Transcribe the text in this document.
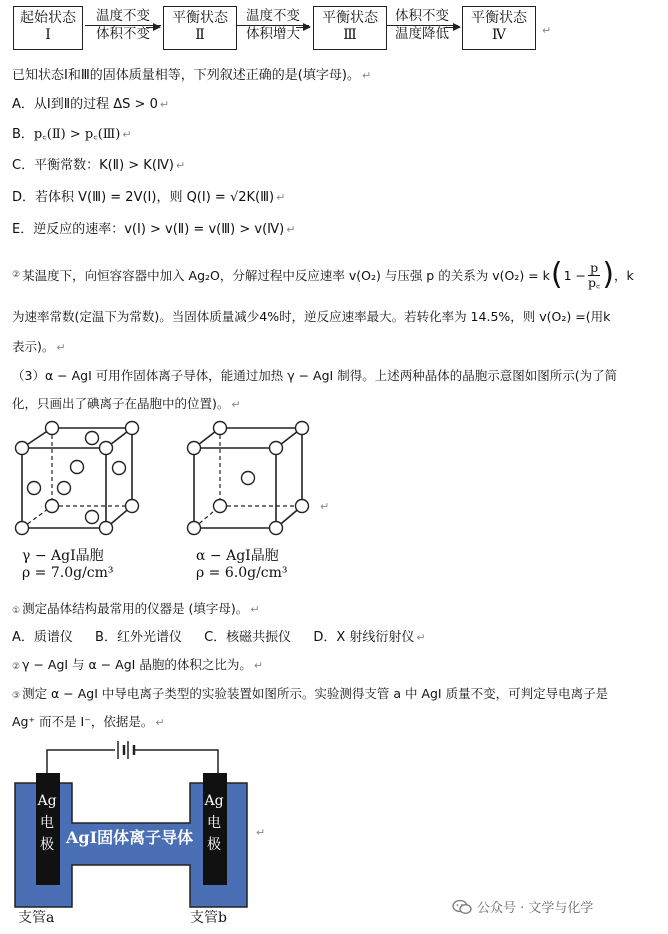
起始状态
Ⅰ
温度不变
体积不变
平衡状态
Ⅱ
温度不变
体积增大
平衡状态
Ⅲ
体积不变
温度降低
平衡状态
Ⅳ	↵
已知状态Ⅰ和Ⅲ的固体质量相等，下列叙述正确的是(填字母)。 ↵
A．从Ⅰ到Ⅱ的过程 ΔS > 0 ↵
B．p꜀(Ⅱ) > p꜀(Ⅲ) ↵
C．平衡常数：K(Ⅱ) > K(Ⅳ) ↵
D．若体积 V(Ⅲ) = 2V(Ⅰ)，则 Q(Ⅰ) = √2K(Ⅲ) ↵
E．逆反应的速率：v(Ⅰ) > v(Ⅱ) = v(Ⅲ) > v(Ⅳ) ↵
② 某温度下，向恒容容器中加入 Ag₂O，分解过程中反应速率 v(O₂) 与压强 p 的关系为 v(O₂) = k ( $1 - \frac{p}{p꜀}$ ) ，k
为速率常数(定温下为常数)。当固体质量减少4%时，逆反应速率最大。若转化率为 14.5%，则 v(O₂) =(用k
表示)。 ↵
（3）α − AgI 可用作固体离子导体，能通过加热 γ − AgI 制得。上述两种晶体的晶胞示意图如图所示(为了简
化，只画出了碘离子在晶胞中的位置)。 ↵
↵
γ − AgI晶胞
ρ = 7.0g/cm³
α − AgI晶胞
ρ = 6.0g/cm³
① 测定晶体结构最常用的仪器是 (填字母)。 ↵
A．质谱仪 B．红外光谱仪 C．核磁共振仪 D．X 射线衍射仪 ↵
② γ − AgI 与 α − AgI 晶胞的体积之比为。 ↵
③ 测定 α − AgI 中导电离子类型的实验装置如图所示。实验测得支管 a 中 AgI 质量不变，可判定导电离子是
Ag⁺ 而不是 I⁻，依据是。 ↵
Ag
电
极
Ag
电
极
AgI固体离子导体
支管a	支管b
↵
公众号 · 文学与化学
